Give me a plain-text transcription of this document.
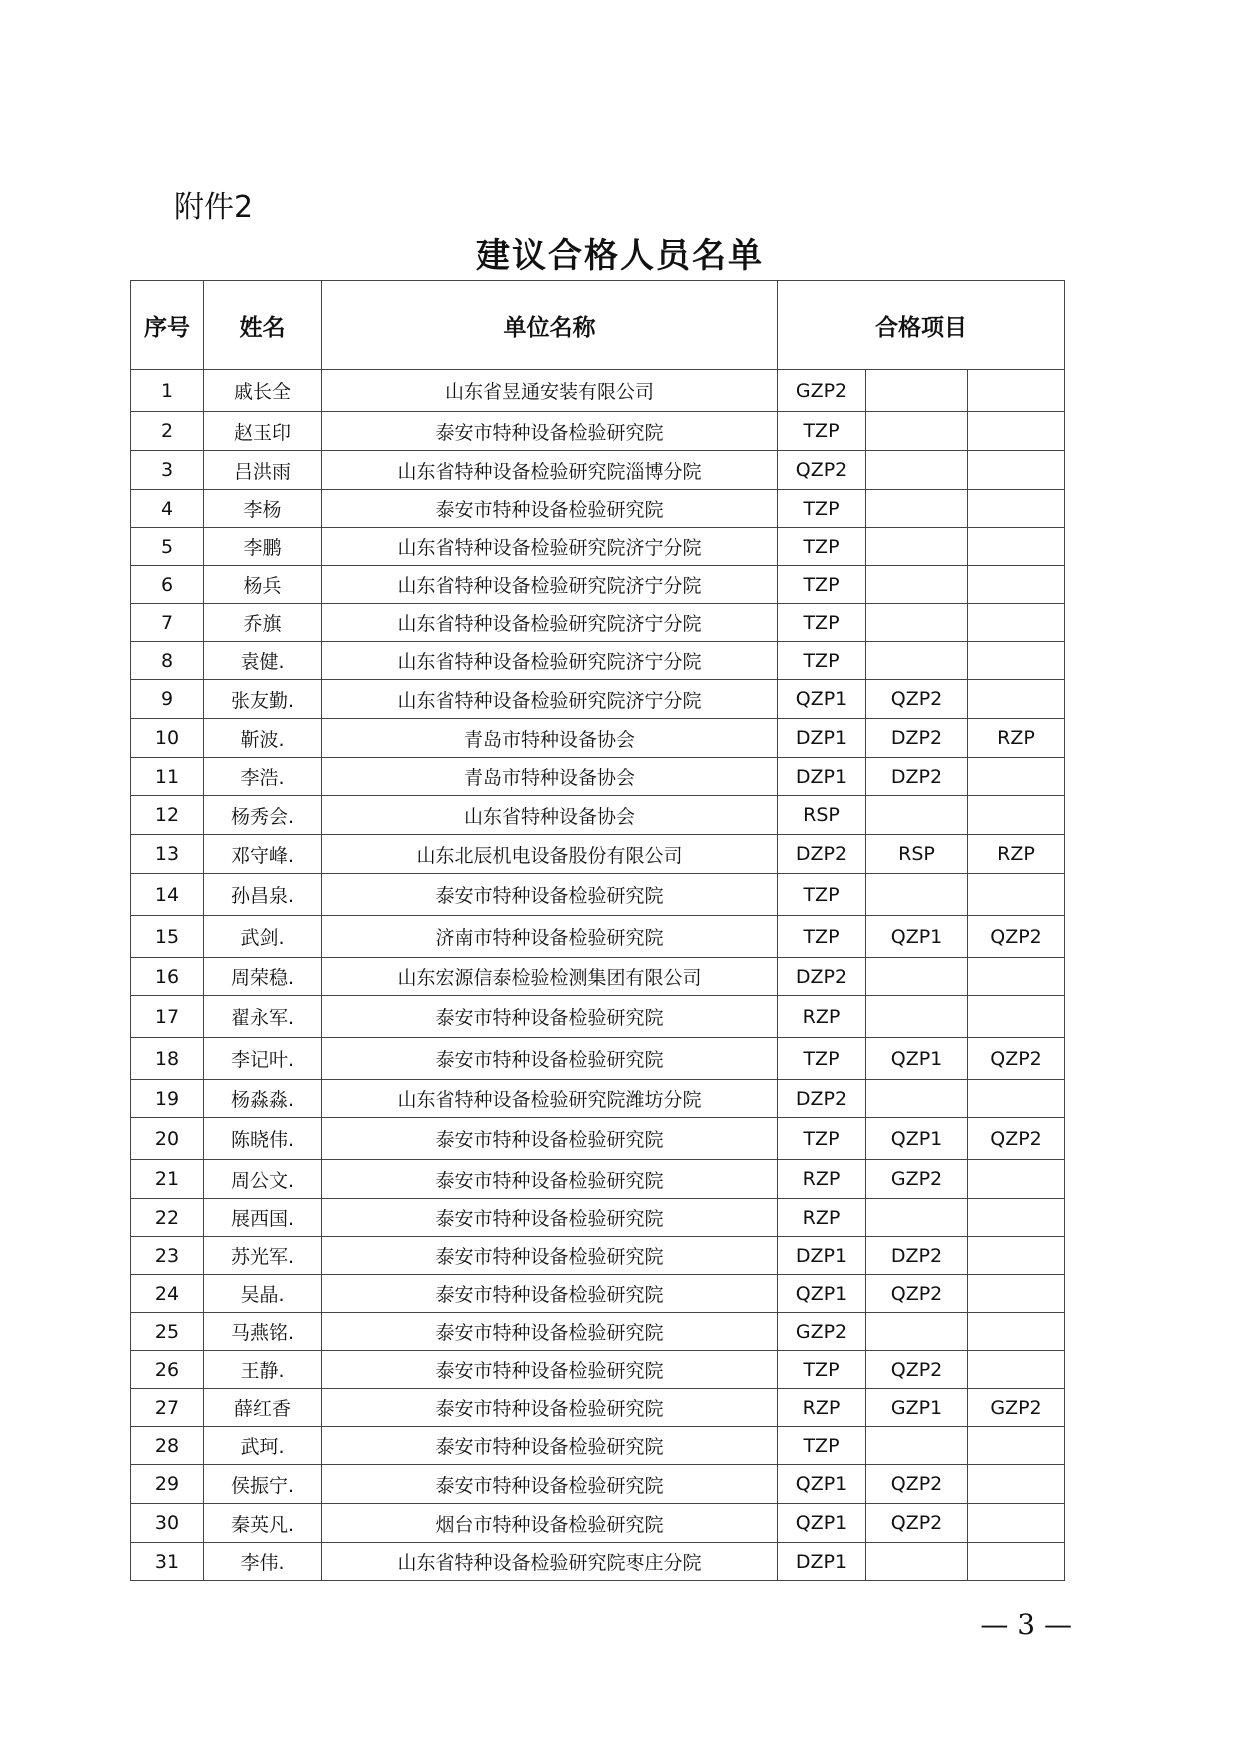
附件2
建议合格人员名单
序号	姓名	单位名称	合格项目		
1	戚长全	山东省昱通安装有限公司	GZP2		
2	赵玉印	泰安市特种设备检验研究院	TZP		
3	吕洪雨	山东省特种设备检验研究院淄博分院	QZP2		
4	李杨	泰安市特种设备检验研究院	TZP		
5	李鹏	山东省特种设备检验研究院济宁分院	TZP		
6	杨兵	山东省特种设备检验研究院济宁分院	TZP		
7	乔旗	山东省特种设备检验研究院济宁分院	TZP		
8	袁健.	山东省特种设备检验研究院济宁分院	TZP		
9	张友勤.	山东省特种设备检验研究院济宁分院	QZP1	QZP2	
10	靳波.	青岛市特种设备协会	DZP1	DZP2	RZP
11	李浩.	青岛市特种设备协会	DZP1	DZP2	
12	杨秀会.	山东省特种设备协会	RSP		
13	邓守峰.	山东北辰机电设备股份有限公司	DZP2	RSP	RZP
14	孙昌泉.	泰安市特种设备检验研究院	TZP		
15	武剑.	济南市特种设备检验研究院	TZP	QZP1	QZP2
16	周荣稳.	山东宏源信泰检验检测集团有限公司	DZP2		
17	翟永军.	泰安市特种设备检验研究院	RZP		
18	李记叶.	泰安市特种设备检验研究院	TZP	QZP1	QZP2
19	杨淼淼.	山东省特种设备检验研究院潍坊分院	DZP2		
20	陈晓伟.	泰安市特种设备检验研究院	TZP	QZP1	QZP2
21	周公文.	泰安市特种设备检验研究院	RZP	GZP2	
22	展西国.	泰安市特种设备检验研究院	RZP		
23	苏光军.	泰安市特种设备检验研究院	DZP1	DZP2	
24	吴晶.	泰安市特种设备检验研究院	QZP1	QZP2	
25	马燕铭.	泰安市特种设备检验研究院	GZP2		
26	王静.	泰安市特种设备检验研究院	TZP	QZP2	
27	薛红香	泰安市特种设备检验研究院	RZP	GZP1	GZP2
28	武珂.	泰安市特种设备检验研究院	TZP		
29	侯振宁.	泰安市特种设备检验研究院	QZP1	QZP2	
30	秦英凡.	烟台市特种设备检验研究院	QZP1	QZP2	
31	李伟.	山东省特种设备检验研究院枣庄分院	DZP1		
— 3 —
